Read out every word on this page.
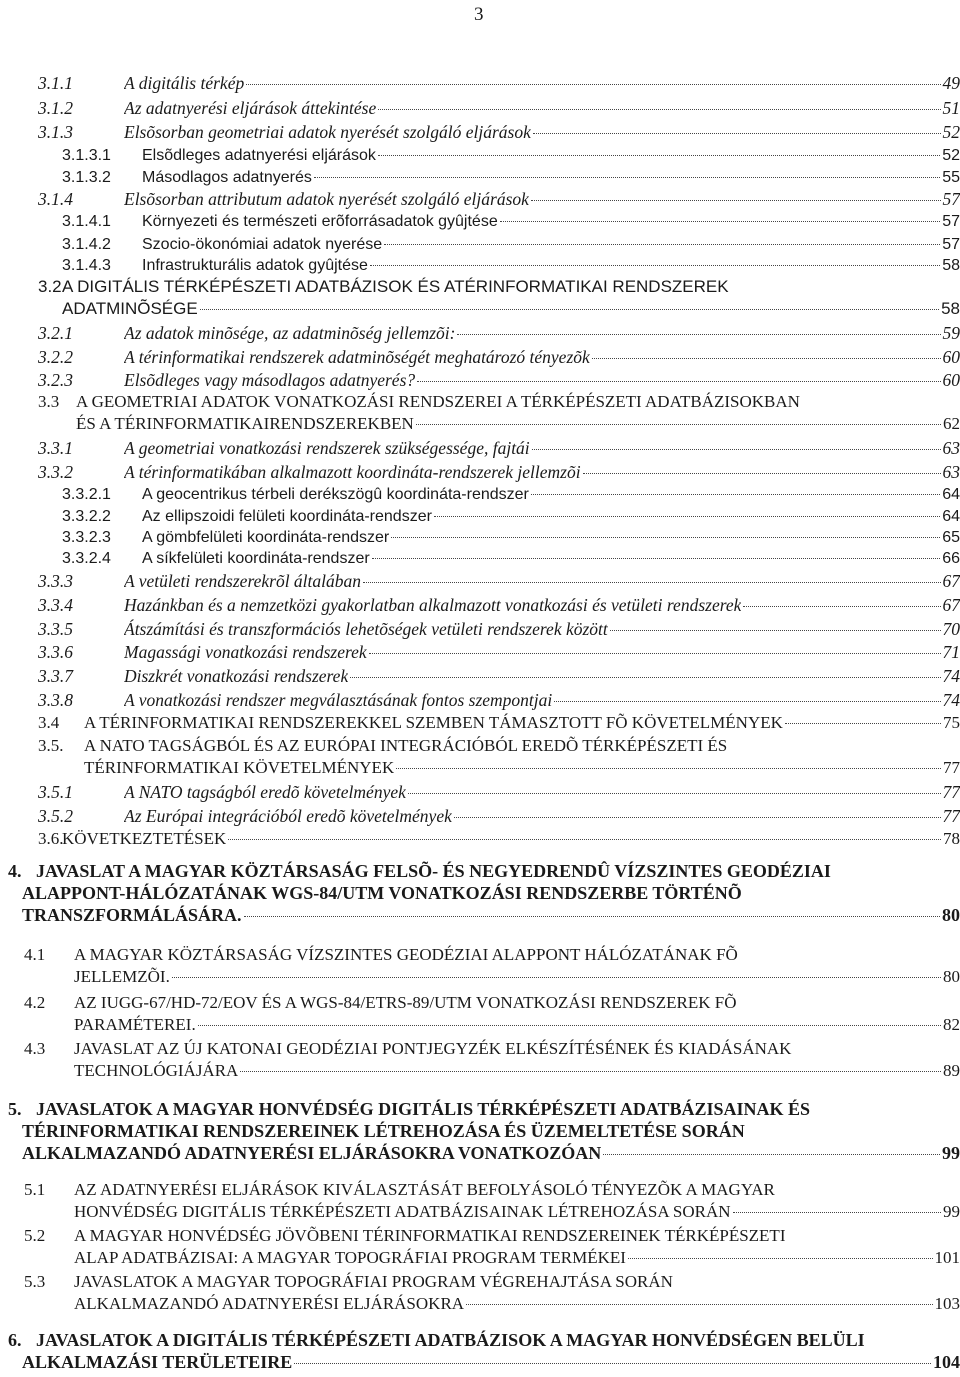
3
3.1.1	A digitális térkép	49
3.1.2	Az adatnyerési eljárások áttekintése	51
3.1.3	Elsõsorban geometriai adatok nyerését szolgáló eljárások	52
3.1.3.1	Elsõdleges adatnyerési eljárások	52
3.1.3.2	Másodlagos adatnyerés	55
3.1.4	Elsõsorban attributum adatok nyerését szolgáló eljárások	57
3.1.4.1	Környezeti és természeti erõforrásadatok gyûjtése	57
3.1.4.2	Szocio-ökonómiai adatok nyerése	57
3.1.4.3	Infrastrukturális adatok gyûjtése	58
3.2 A DIGITÁLIS TÉRKÉPÉSZETI ADATBÁZISOK ÉS ATÉRINFORMATIKAI RENDSZEREK
ADATMINÕSÉGE	58
3.2.1	Az adatok minõsége, az adatminõség jellemzõi:	59
3.2.2	A térinformatikai rendszerek adatminõségét meghatározó tényezõk	60
3.2.3	Elsõdleges vagy másodlagos adatnyerés?	60
3.3 A GEOMETRIAI ADATOK VONATKOZÁSI RENDSZEREI A TÉRKÉPÉSZETI ADATBÁZISOKBAN
ÉS A TÉRINFORMATIKAIRENDSZEREKBEN	62
3.3.1	A geometriai vonatkozási rendszerek szükségessége, fajtái	63
3.3.2	A térinformatikában alkalmazott koordináta-rendszerek jellemzõi	63
3.3.2.1	A geocentrikus térbeli derékszögû koordináta-rendszer	64
3.3.2.2	Az ellipszoidi felületi koordináta-rendszer	64
3.3.2.3	A gömbfelületi koordináta-rendszer	65
3.3.2.4	A síkfelületi koordináta-rendszer	66
3.3.3	A vetületi rendszerekrõl általában	67
3.3.4	Hazánkban és a nemzetközi gyakorlatban alkalmazott vonatkozási és vetületi rendszerek	67
3.3.5	Átszámítási és transzformációs lehetõségek vetületi rendszerek között	70
3.3.6	Magassági vonatkozási rendszerek	71
3.3.7	Diszkrét vonatkozási rendszerek	74
3.3.8	A vonatkozási rendszer megválasztásának fontos szempontjai	74
3.4	A TÉRINFORMATIKAI RENDSZEREKKEL SZEMBEN TÁMASZTOTT FÕ KÖVETELMÉNYEK	75
3.5.	A NATO TAGSÁGBÓL ÉS AZ EURÓPAI INTEGRÁCIÓBÓL EREDÕ TÉRKÉPÉSZETI ÉS
TÉRINFORMATIKAI KÖVETELMÉNYEK	77
3.5.1	A NATO tagságból eredõ követelmények	77
3.5.2	Az Európai integrációból eredõ követelmények	77
3.6.
KÖVETKEZTETÉSEK	78
4. JAVASLAT A MAGYAR KÖZTÁRSASÁG FELSÕ- ÉS NEGYEDRENDÛ VÍZSZINTES GEODÉZIAI
ALAPPONT-HÁLÓZATÁNAK WGS-84/UTM VONATKOZÁSI RENDSZERBE TÖRTÉNÕ
TRANSZFORMÁLÁSÁRA.	80
4.1	A MAGYAR KÖZTÁRSASÁG VÍZSZINTES GEODÉZIAI ALAPPONT HÁLÓZATÁNAK FÕ
JELLEMZÕI.	80
4.2	AZ IUGG-67/HD-72/EOV ÉS A WGS-84/ETRS-89/UTM VONATKOZÁSI RENDSZEREK FÕ
PARAMÉTEREI.	82
4.3	JAVASLAT AZ ÚJ KATONAI GEODÉZIAI PONTJEGYZÉK ELKÉSZÍTÉSÉNEK ÉS KIADÁSÁNAK
TECHNOLÓGIÁJÁRA	89
5. JAVASLATOK A MAGYAR HONVÉDSÉG DIGITÁLIS TÉRKÉPÉSZETI ADATBÁZISAINAK ÉS
TÉRINFORMATIKAI RENDSZEREINEK LÉTREHOZÁSA ÉS ÜZEMELTETÉSE SORÁN
ALKALMAZANDÓ ADATNYERÉSI ELJÁRÁSOKRA VONATKOZÓAN	99
5.1	AZ ADATNYERÉSI ELJÁRÁSOK KIVÁLASZTÁSÁT BEFOLYÁSOLÓ TÉNYEZÕK A MAGYAR
HONVÉDSÉG DIGITÁLIS TÉRKÉPÉSZETI ADATBÁZISAINAK LÉTREHOZÁSA SORÁN	99
5.2	A MAGYAR HONVÉDSÉG JÖVÕBENI TÉRINFORMATIKAI RENDSZEREINEK TÉRKÉPÉSZETI
ALAP ADATBÁZISAI: A MAGYAR TOPOGRÁFIAI PROGRAM TERMÉKEI	101
5.3	JAVASLATOK A MAGYAR TOPOGRÁFIAI PROGRAM VÉGREHAJTÁSA SORÁN
ALKALMAZANDÓ ADATNYERÉSI ELJÁRÁSOKRA	103
6. JAVASLATOK A DIGITÁLIS TÉRKÉPÉSZETI ADATBÁZISOK A MAGYAR HONVÉDSÉGEN BELÜLI
ALKALMAZÁSI TERÜLETEIRE	104
